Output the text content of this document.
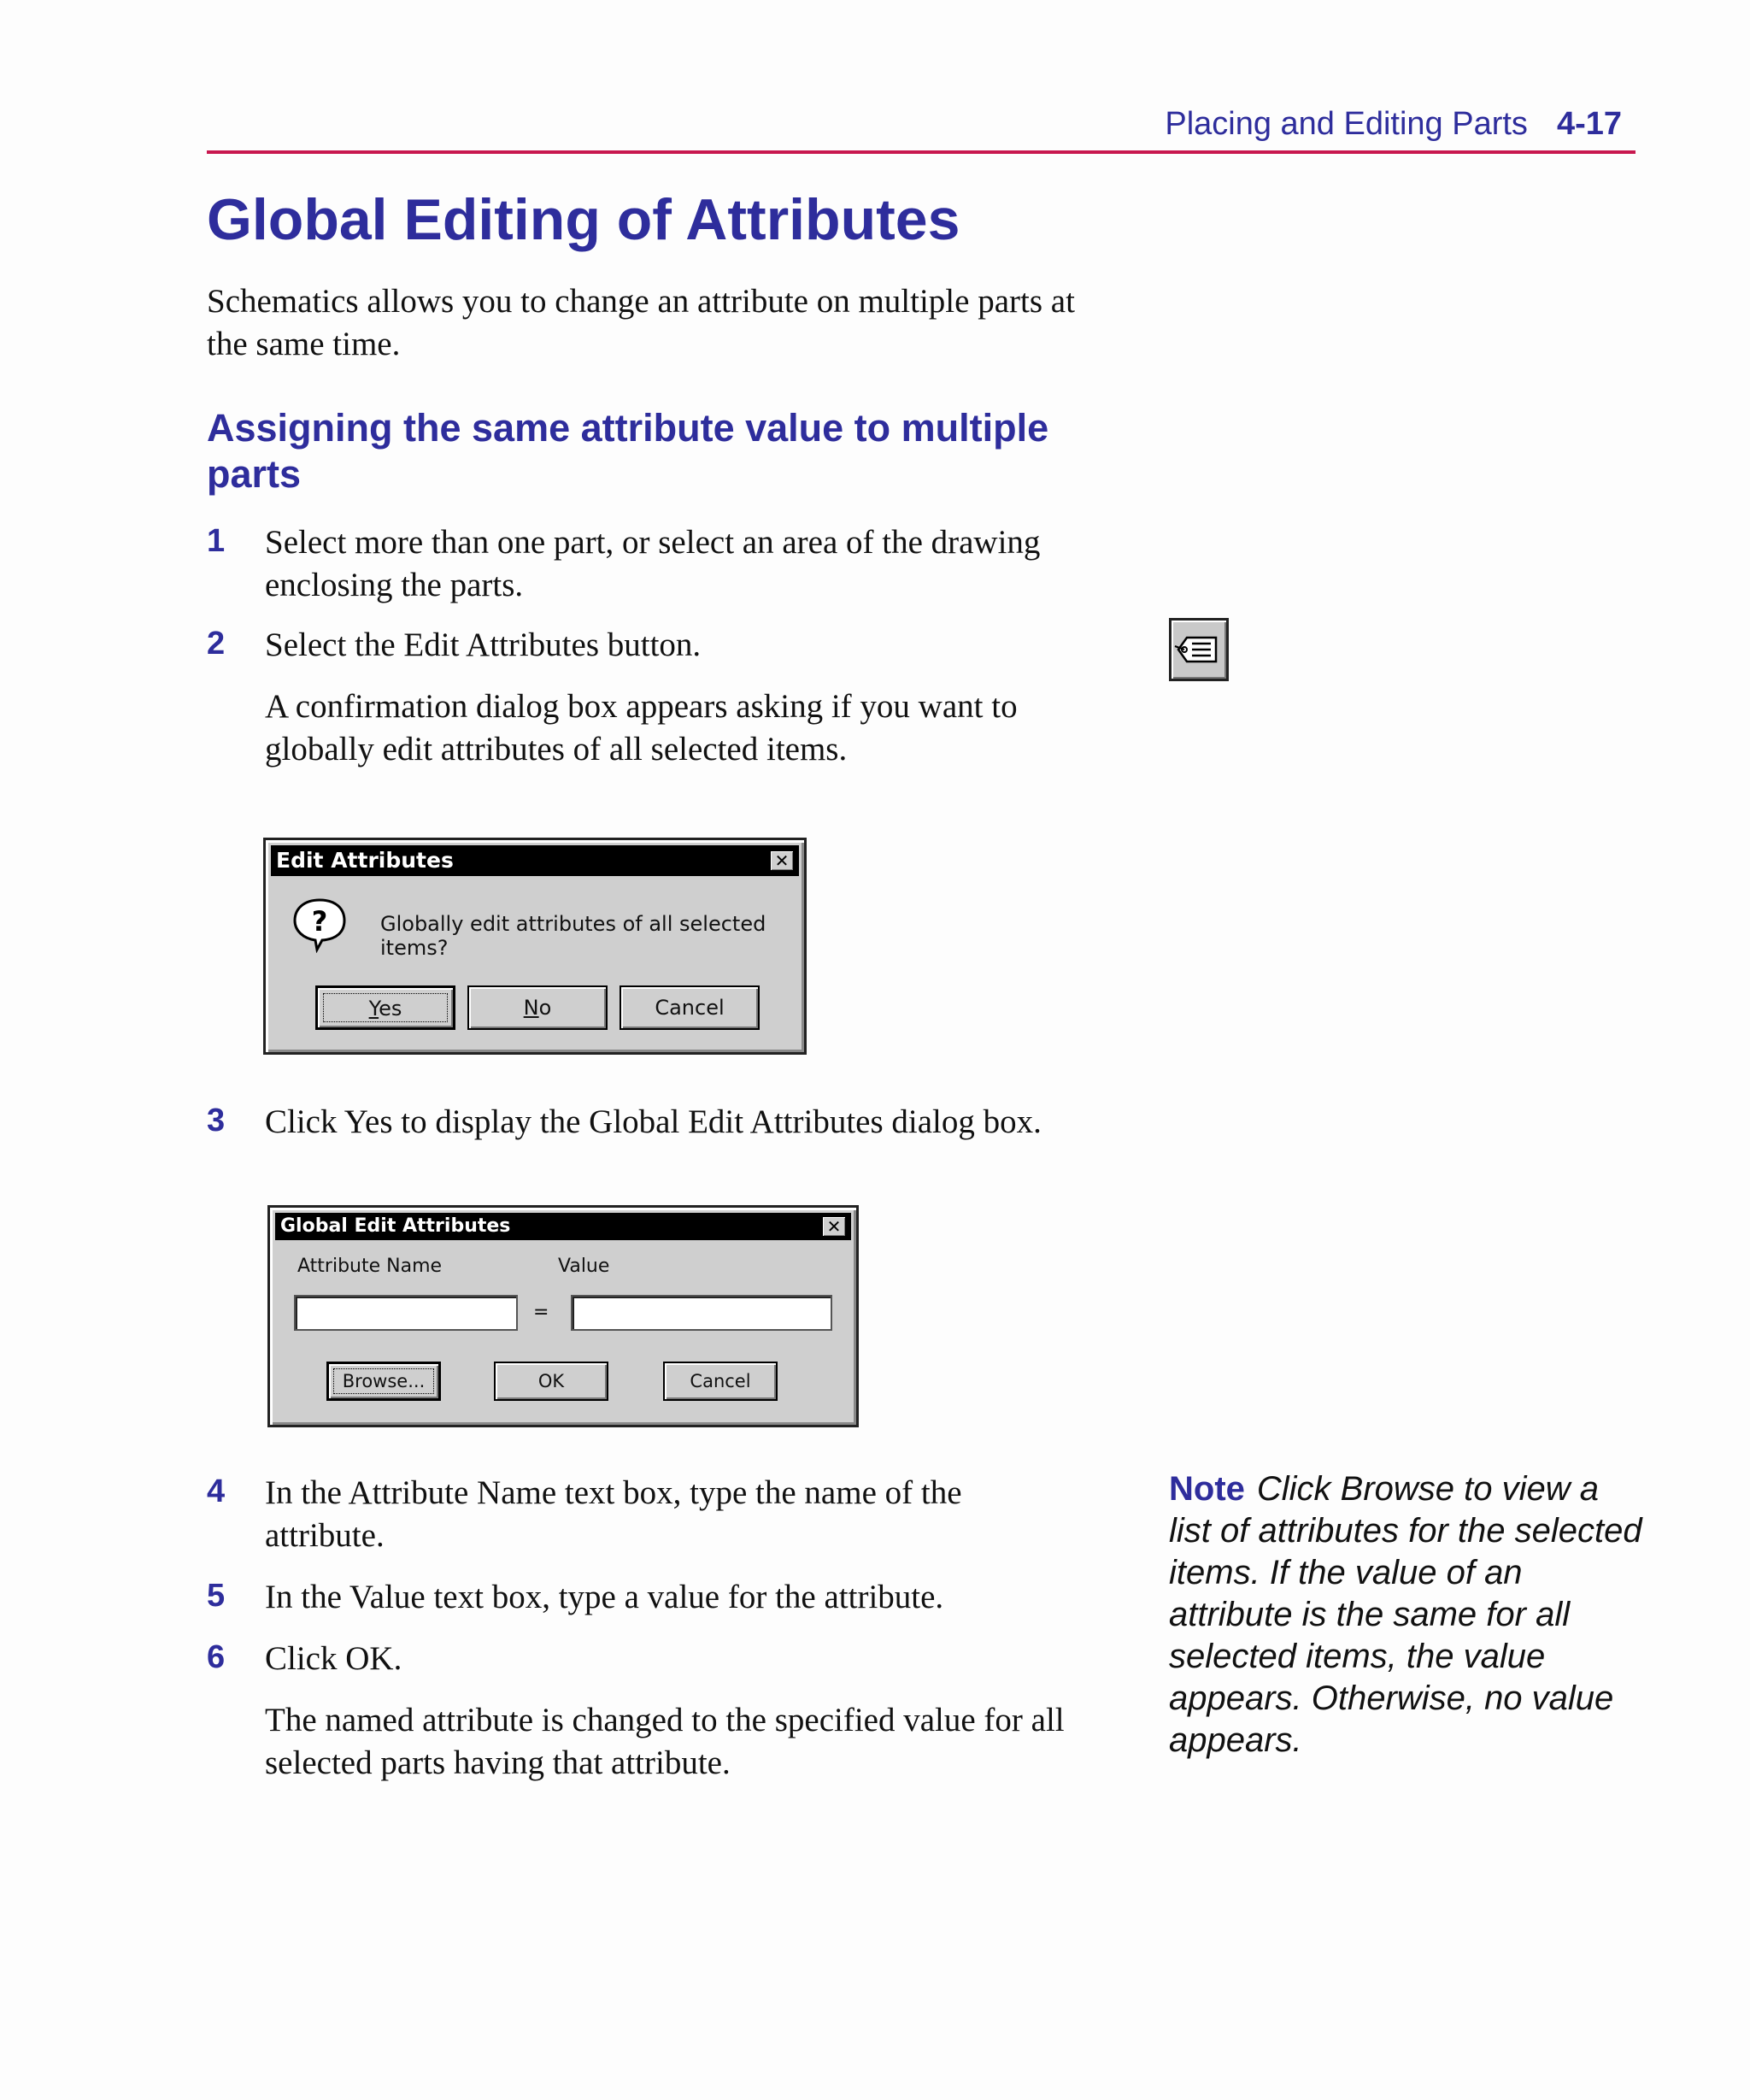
Placing and Editing Parts 4-17
Global Editing of Attributes
Schematics allows you to change an attribute on multiple parts at the same time.
Assigning the same attribute value to multiple parts
1 Select more than one part, or select an area of the drawing enclosing the parts.
2 Select the Edit Attributes button.
A confirmation dialog box appears asking if you want to globally edit attributes of all selected items.
Edit Attributes	✕
?	Globally edit attributes of all selected items?
Yes	No	Cancel
3 Click Yes to display the Global Edit Attributes dialog box.
Global Edit Attributes	✕
Attribute Name	Value
=
Browse...	OK	Cancel
4 In the Attribute Name text box, type the name of the attribute.
5 In the Value text box, type a value for the attribute.
6 Click OK.
The named attribute is changed to the specified value for all selected parts having that attribute.
Note Click Browse to view a list of attributes for the selected items. If the value of an attribute is the same for all selected items, the value appears. Otherwise, no value appears.
